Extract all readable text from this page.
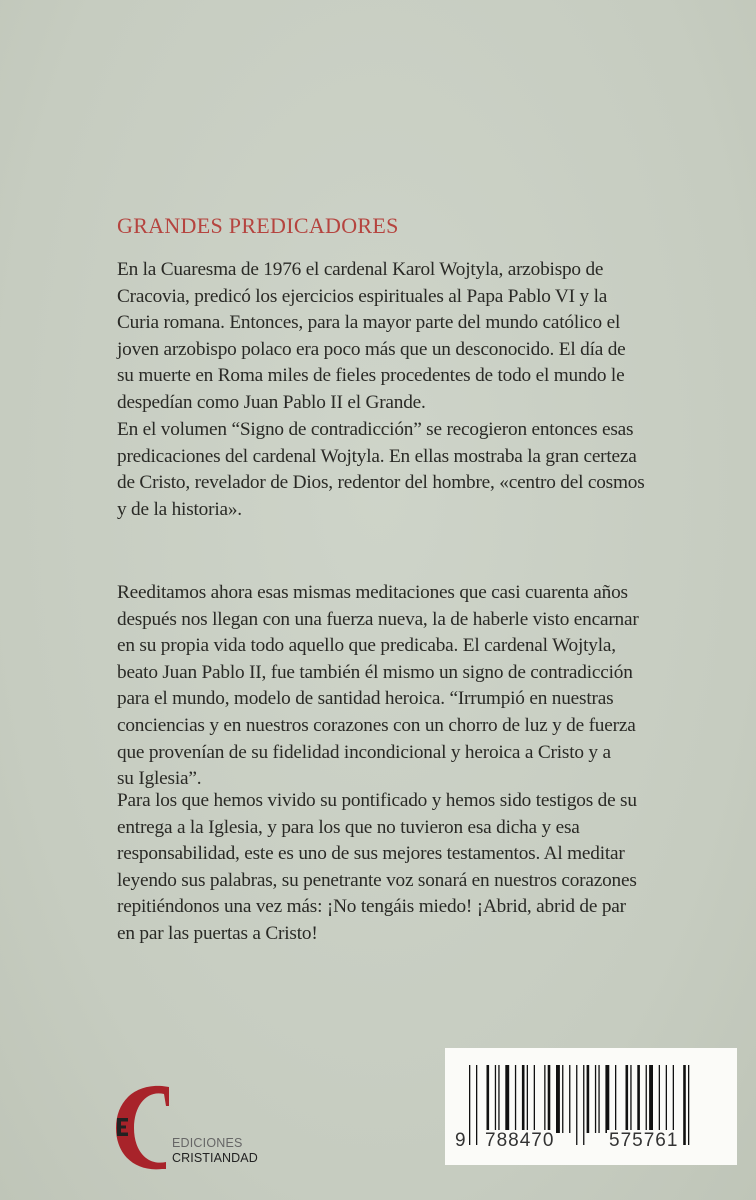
GRANDES PREDICADORES
En la Cuaresma de 1976 el cardenal Karol Wojtyla, arzobispo de
Cracovia, predicó los ejercicios espirituales al Papa Pablo VI y la
Curia romana. Entonces, para la mayor parte del mundo católico el
joven arzobispo polaco era poco más que un desconocido. El día de
su muerte en Roma miles de fieles procedentes de todo el mundo le
despedían como Juan Pablo II el Grande.
En el volumen “Signo de contradicción” se recogieron entonces esas
predicaciones del cardenal Wojtyla. En ellas mostraba la gran certeza
de Cristo, revelador de Dios, redentor del hombre, «centro del cosmos
y de la historia».
Reeditamos ahora esas mismas meditaciones que casi cuarenta años
después nos llegan con una fuerza nueva, la de haberle visto encarnar
en su propia vida todo aquello que predicaba. El cardenal Wojtyla,
beato Juan Pablo II, fue también él mismo un signo de contradicción
para el mundo, modelo de santidad heroica. “Irrumpió en nuestras
conciencias y en nuestros corazones con un chorro de luz y de fuerza
que provenían de su fidelidad incondicional y heroica a Cristo y a
su Iglesia”.
Para los que hemos vivido su pontificado y hemos sido testigos de su
entrega a la Iglesia, y para los que no tuvieron esa dicha y esa
responsabilidad, este es uno de sus mejores testamentos. Al meditar
leyendo sus palabras, su penetrante voz sonará en nuestros corazones
repitiéndonos una vez más: ¡No tengáis miedo! ¡Abrid, abrid de par
en par las puertas a Cristo!
EDICIONES
CRISTIANDAD
9 788470	575761
